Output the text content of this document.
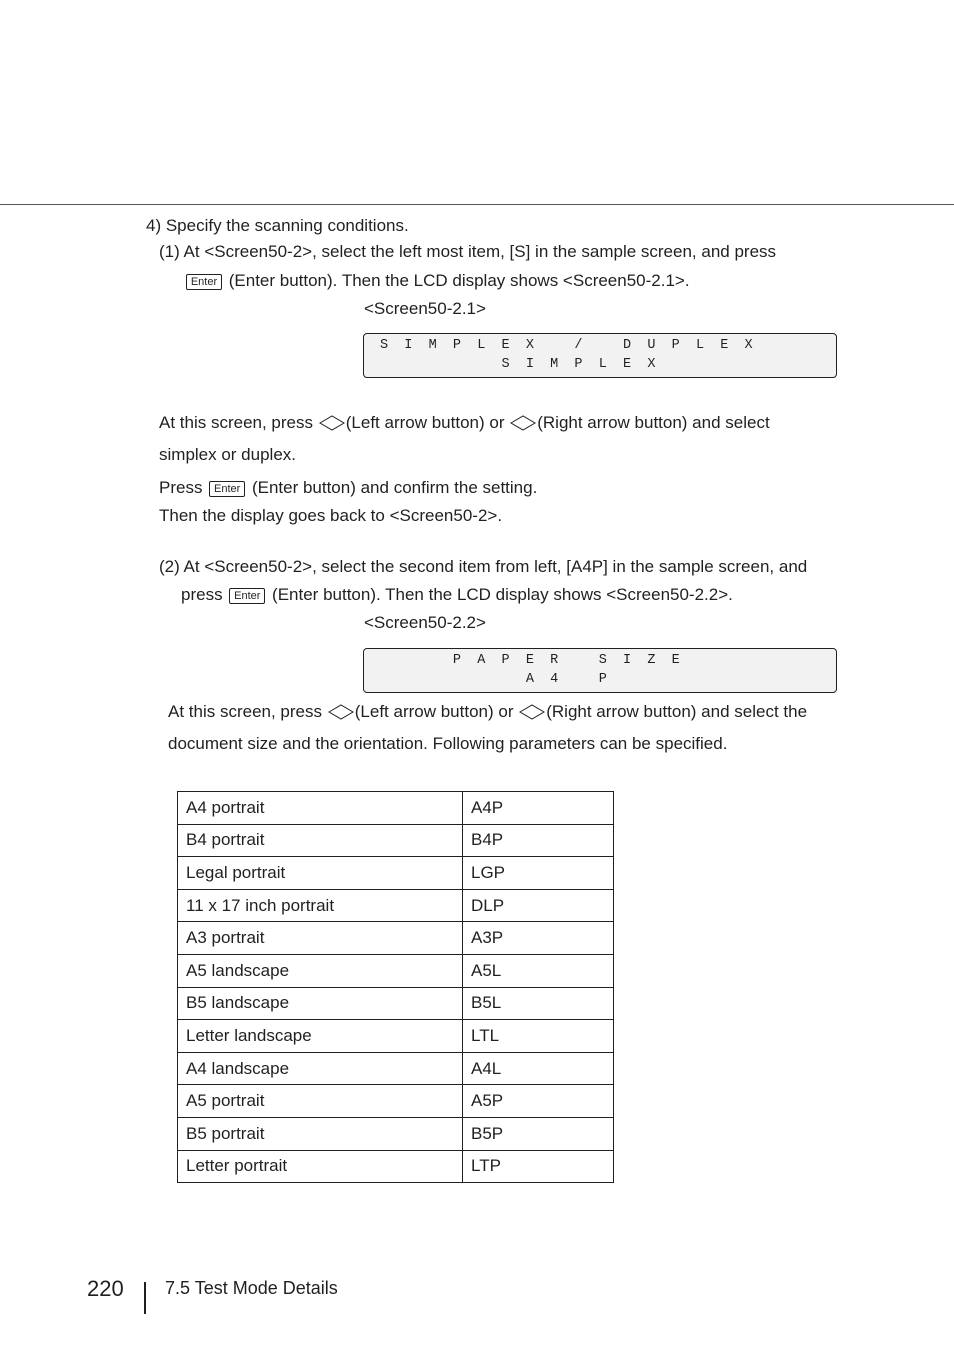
4) Specify the scanning conditions.
(1) At <Screen50-2>, select the left most item, [S] in the sample screen, and press
Enter (Enter button). Then the LCD display shows <Screen50-2.1>.
<Screen50-2.1>
S  I  M  P  L  E  X     /     D  U  P  L  E  X
S  I  M  P  L  E  X
At this screen, press (Left arrow button) or (Right arrow button) and select
simplex or duplex.
Press Enter (Enter button) and confirm the setting.
Then the display goes back to <Screen50-2>.
(2) At <Screen50-2>, select the second item from left, [A4P] in the sample screen, and
press Enter (Enter button). Then the LCD display shows <Screen50-2.2>.
<Screen50-2.2>
P  A  P  E  R     S  I  Z  E
A  4     P
At this screen, press (Left arrow button) or (Right arrow button) and select the
document size and the orientation. Following parameters can be specified.
A4 portrait	A4P
B4 portrait	B4P
Legal portrait	LGP
11 x 17 inch portrait	DLP
A3 portrait	A3P
A5 landscape	A5L
B5 landscape	B5L
Letter landscape	LTL
A4 landscape	A4L
A5 portrait	A5P
B5 portrait	B5P
Letter portrait	LTP
220 7.5 Test Mode Details
